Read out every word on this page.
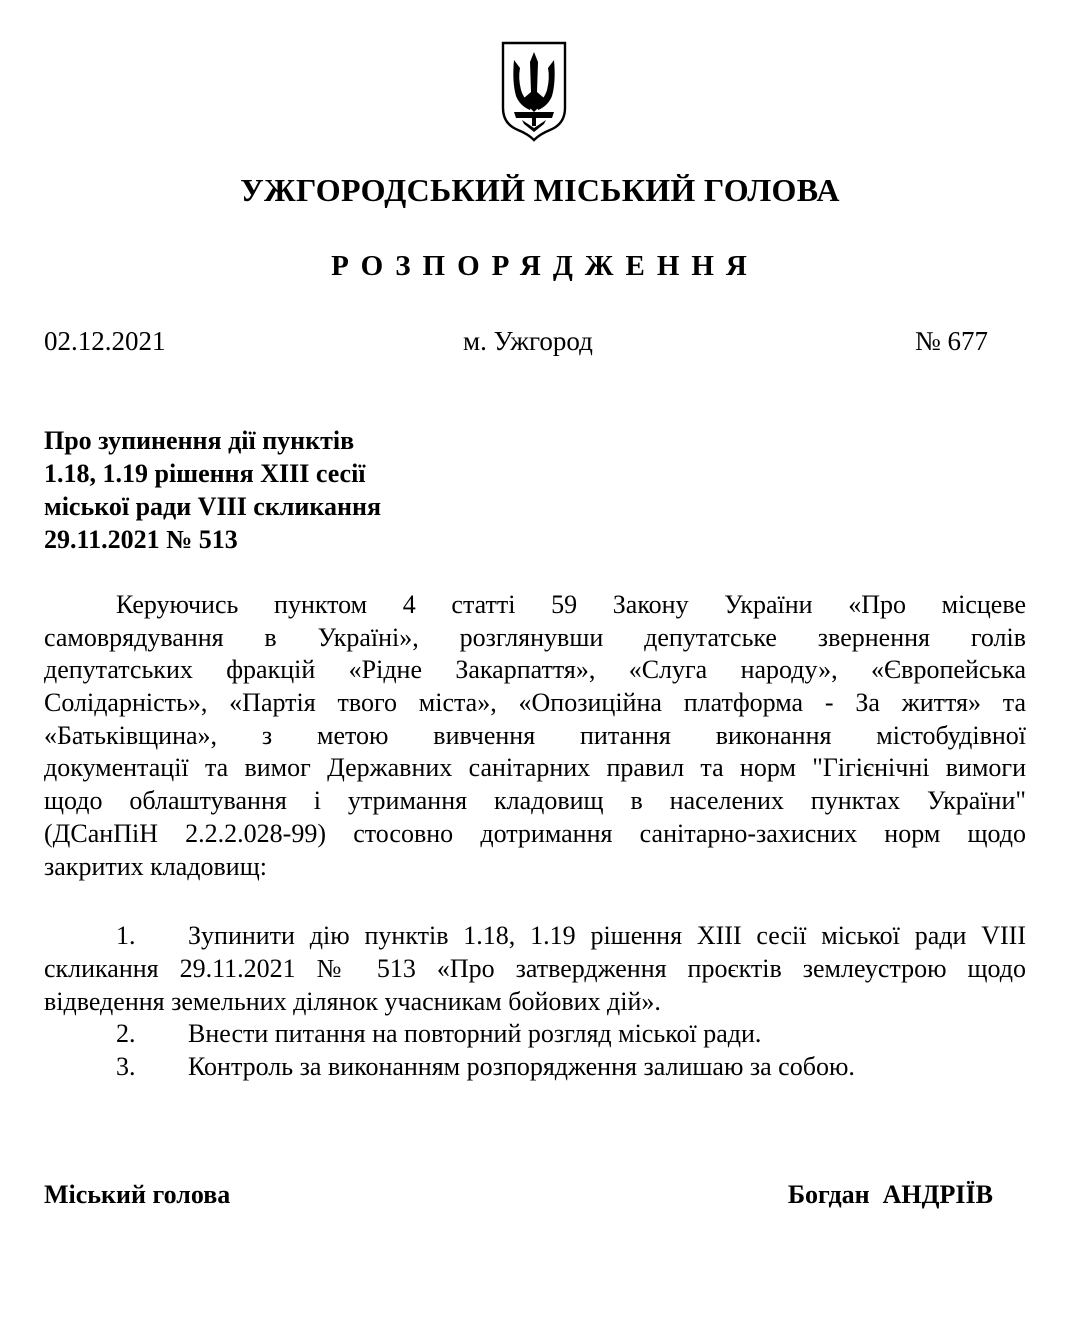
УЖГОРОДСЬКИЙ МІСЬКИЙ ГОЛОВА
РОЗПОРЯДЖЕННЯ
02.12.2021	м. Ужгород	№ 677
Про зупинення дії пунктів
1.18, 1.19 рішення XIII сесії
міської ради VIII скликання
29.11.2021 № 513
Керуючись пунктом 4 статті 59 Закону України «Про місцеве
самоврядування в Україні», розглянувши депутатське звернення голів
депутатських фракцій «Рідне Закарпаття», «Слуга народу», «Європейська
Солідарність», «Партія твого міста», «Опозиційна платформа - За життя» та
«Батьківщина», з метою вивчення питання виконання містобудівної
документації та вимог Державних санітарних правил та норм "Гігієнічні вимоги
щодо облаштування і утримання кладовищ в населених пунктах України"
(ДСанПіН 2.2.2.028-99) стосовно дотримання санітарно-захисних норм щодо
закритих кладовищ:
1. Зупинити дію пунктів 1.18, 1.19 рішення XIII сесії міської ради VIII
скликання 29.11.2021 № 513 «Про затвердження проєктів землеустрою щодо
відведення земельних ділянок учасникам бойових дій».
2. Внести питання на повторний розгляд міської ради.
3. Контроль за виконанням розпорядження залишаю за собою.
Міський голова	Богдан  АНДРІЇВ
